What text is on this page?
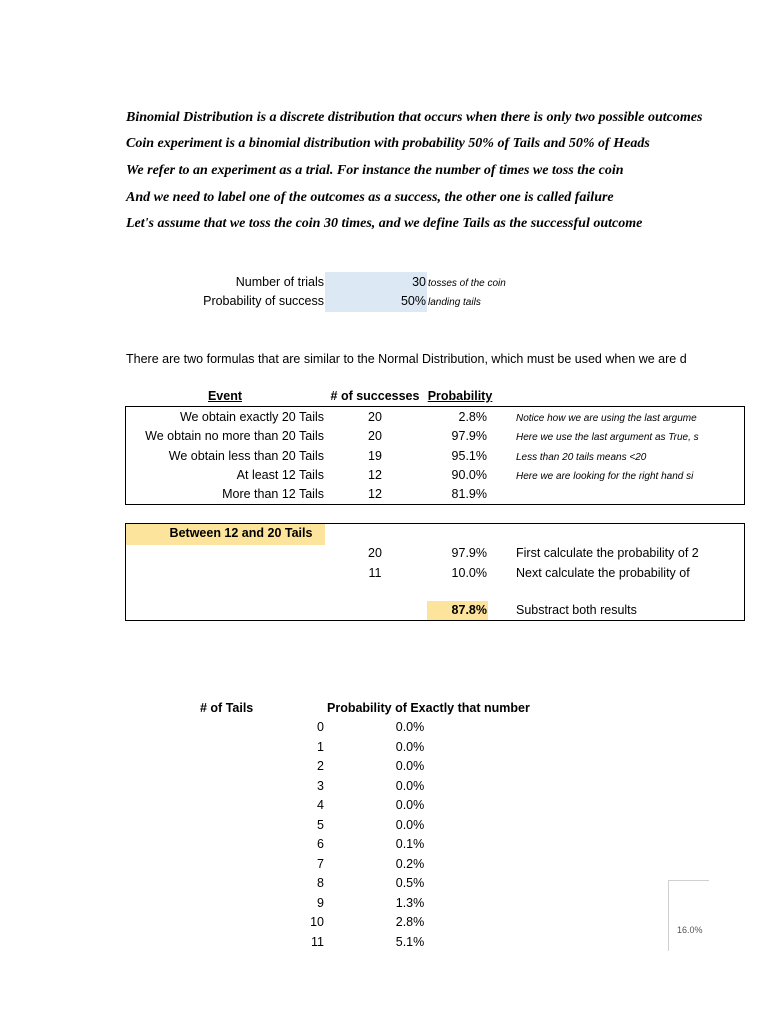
Binomial Distribution is a discrete distribution that occurs when there is only two possible outcomes
Coin experiment is a binomial distribution with probability 50% of Tails and 50% of Heads
We refer to an experiment as a trial. For instance the number of times we toss the coin
And we need to label one of the outcomes as a success, the other one is called failure
Let's assume that we toss the coin 30 times, and we define Tails as the successful outcome
Number of trials	30 tosses of the coin
Probability of success	50% landing tails
There are two formulas that are similar to the Normal Distribution, which must be used when we are d
Event	# of successes Probability
We obtain exactly 20 Tails	20	2.8%	Notice how we are using the last argume
We obtain no more than 20 Tails	20	97.9%	Here we use the last argument as True, s
We obtain less than 20 Tails	19	95.1%	Less than 20 tails means <20
At least 12 Tails	12	90.0%	Here we are looking for the right hand si
More than 12 Tails	12	81.9%
Between 12 and 20 Tails
20	97.9% First calculate the probability of 2
11	10.0% Next calculate the probability of
87.8% Substract both results
# of Tails	Probability of Exactly that number
0	0.0%
1	0.0%
2	0.0%
3	0.0%
4	0.0%
5	0.0%
6	0.1%
7	0.2%
8	0.5%
9	1.3%
10	2.8%
11	5.1%
16.0%
